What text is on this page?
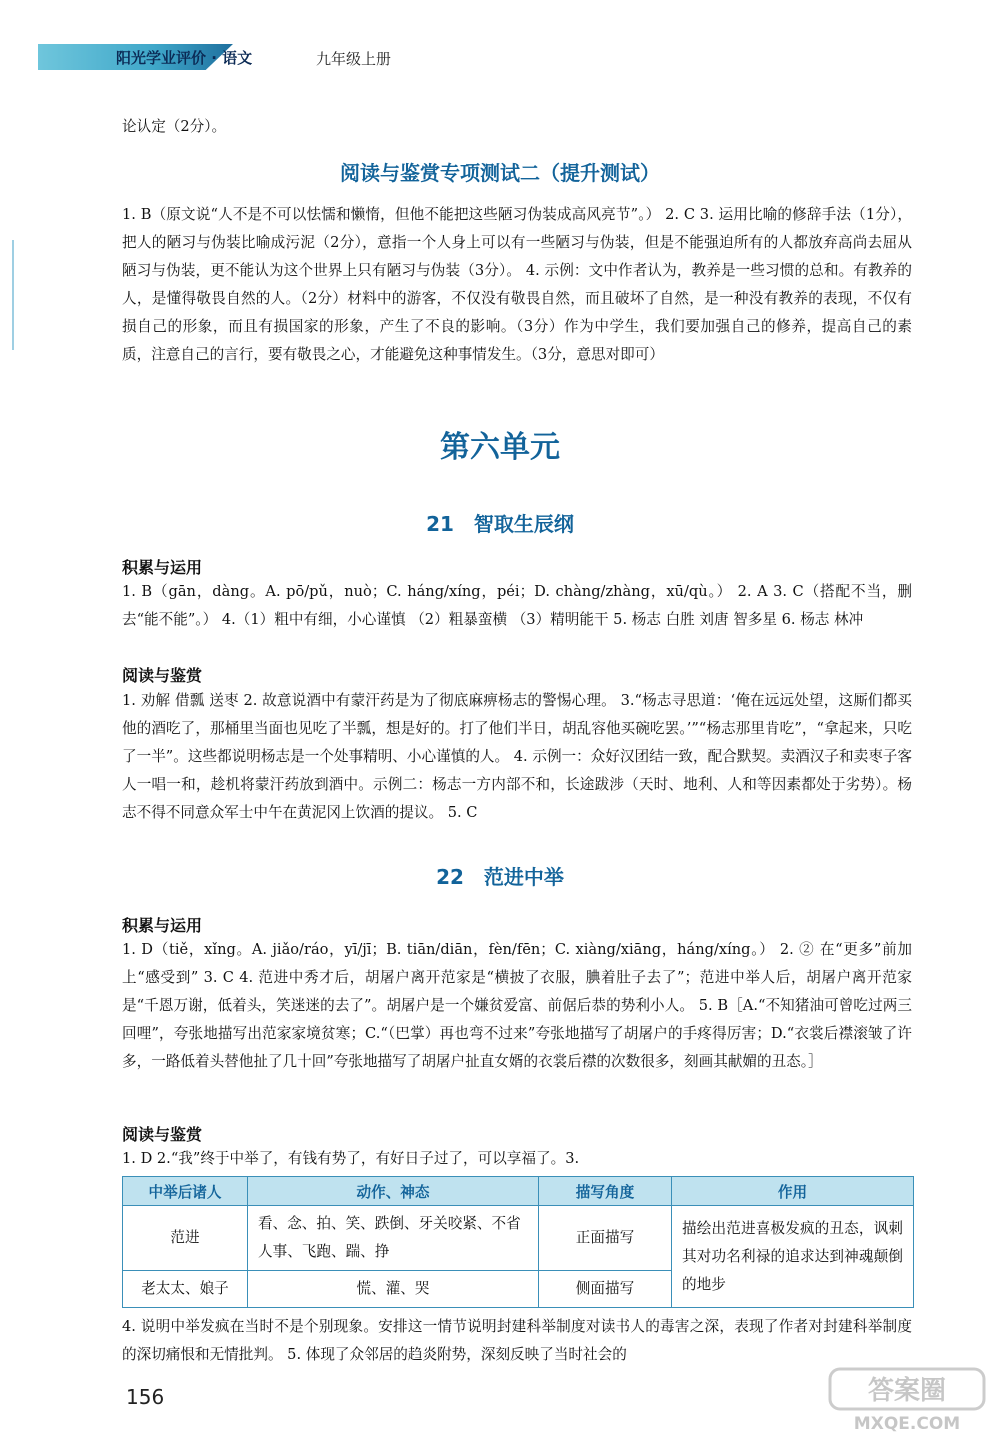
阳光学业评价 · 语文	九年级上册

论认定（2分）。

阅读与鉴赏专项测试二（提升测试）

1. B（原文说“人不是不可以怯懦和懒惰，但他不能把这些陋习伪装成高风亮节”。） 2. C 3. 运用比喻的修辞手法（1分），把人的陋习与伪装比喻成污泥（2分），意指一个人身上可以有一些陋习与伪装，但是不能强迫所有的人都放弃高尚去屈从陋习与伪装，更不能认为这个世界上只有陋习与伪装（3分）。 4. 示例：文中作者认为，教养是一些习惯的总和。有教养的人，是懂得敬畏自然的人。（2分）材料中的游客，不仅没有敬畏自然，而且破坏了自然，是一种没有教养的表现，不仅有损自己的形象，而且有损国家的形象，产生了不良的影响。（3分）作为中学生，我们要加强自己的修养，提高自己的素质，注意自己的言行，要有敬畏之心，才能避免这种事情发生。（3分，意思对即可）

第六单元
21　智取生辰纲
积累与运用

1. B（gān，dàng。A. pō/pǔ，nuò；C. háng/xíng，péi；D. chàng/zhàng，xū/qù。） 2. A 3. C（搭配不当，删去“能不能”。） 4.（1）粗中有细，小心谨慎 （2）粗暴蛮横 （3）精明能干 5. 杨志 白胜 刘唐 智多星 6. 杨志 林冲

阅读与鉴赏

1. 劝解 借瓢 送枣 2. 故意说酒中有蒙汗药是为了彻底麻痹杨志的警惕心理。 3.“杨志寻思道：‘俺在远远处望，这厮们都买他的酒吃了，那桶里当面也见吃了半瓢，想是好的。打了他们半日，胡乱容他买碗吃罢。’”“杨志那里肯吃”，“拿起来，只吃了一半”。这些都说明杨志是一个处事精明、小心谨慎的人。 4. 示例一：众好汉团结一致，配合默契。卖酒汉子和卖枣子客人一唱一和，趁机将蒙汗药放到酒中。示例二：杨志一方内部不和，长途跋涉（天时、地利、人和等因素都处于劣势）。杨志不得不同意众军士中午在黄泥冈上饮酒的提议。 5. C

22　范进中举
积累与运用

1. D（tiě，xǐng。A. jiǎo/ráo，yī/jī；B. tiān/diān，fèn/fēn；C. xiàng/xiāng，háng/xíng。） 2. ② 在“更多”前加上“感受到” 3. C 4. 范进中秀才后，胡屠户离开范家是“横披了衣服，腆着肚子去了”；范进中举人后，胡屠户离开范家是“千恩万谢，低着头，笑迷迷的去了”。胡屠户是一个嫌贫爱富、前倨后恭的势利小人。 5. B［A.“不知猪油可曾吃过两三回哩”，夸张地描写出范家家境贫寒；C.“（巴掌）再也弯不过来”夸张地描写了胡屠户的手疼得厉害；D.“衣裳后襟滚皱了许多，一路低着头替他扯了几十回”夸张地描写了胡屠户扯直女婿的衣裳后襟的次数很多，刻画其献媚的丑态。］

阅读与鉴赏

1. D 2.“我”终于中举了，有钱有势了，有好日子过了，可以享福了。3.

中举后诸人	动作、神态	描写角度	作用
范进	看、念、拍、笑、跌倒、牙关咬紧、不省人事、飞跑、踹、挣	正面描写	描绘出范进喜极发疯的丑态，讽刺其对功名利禄的追求达到神魂颠倒的地步
老太太、娘子	慌、灌、哭	侧面描写	

4. 说明中举发疯在当时不是个别现象。安排这一情节说明封建科举制度对读书人的毒害之深，表现了作者对封建科举制度的深切痛恨和无情批判。 5. 体现了众邻居的趋炎附势，深刻反映了当时社会的

156	答案圈
MXQE.COM
